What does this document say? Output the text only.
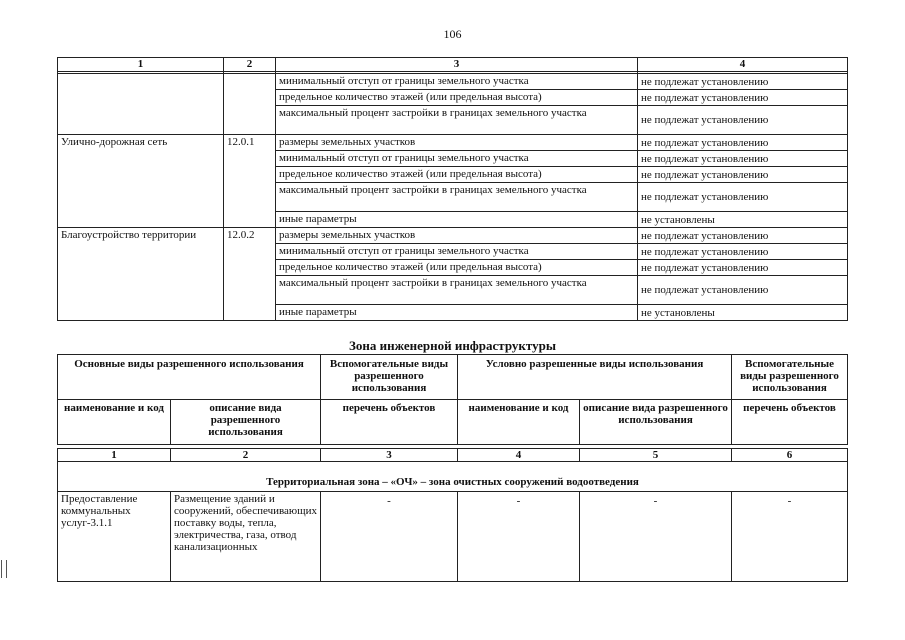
106
1	2	3	4

		минимальный отступ от границы земельного участка	не подлежат установлению
		предельное количество этажей (или предельная высота)	не подлежат установлению
		максимальный процент застройки в границах земельного участка	не подлежат установлению
Улично-дорожная сеть	12.0.1	размеры земельных участков	не подлежат установлению
		минимальный отступ от границы земельного участка	не подлежат установлению
		предельное количество этажей (или предельная высота)	не подлежат установлению
		максимальный процент застройки в границах земельного участка	не подлежат установлению
		иные параметры	не установлены
Благоустройство территории	12.0.2	размеры земельных участков	не подлежат установлению
		минимальный отступ от границы земельного участка	не подлежат установлению
		предельное количество этажей (или предельная высота)	не подлежат установлению
		максимальный процент застройки в границах земельного участка	не подлежат установлению
		иные параметры	не установлены
Зона инженерной инфраструктуры
Основные виды разрешенного использования		Вспомогательные виды разрешенного использования	Условно разрешенные виды использования		Вспомогательные виды разрешенного использования
наименование и код	описание вида разрешенного использования	перечень объектов	наименование и код	описание вида разрешенного использования	перечень объектов

1	2	3	4	5	6
Территориальная зона – «ОЧ» – зона очистных сооружений водоотведения					
Предоставление коммунальных услуг-3.1.1	Размещение зданий и сооружений, обеспечивающих поставку воды, тепла, электричества, газа, отвод канализационных	-	-	-	-
